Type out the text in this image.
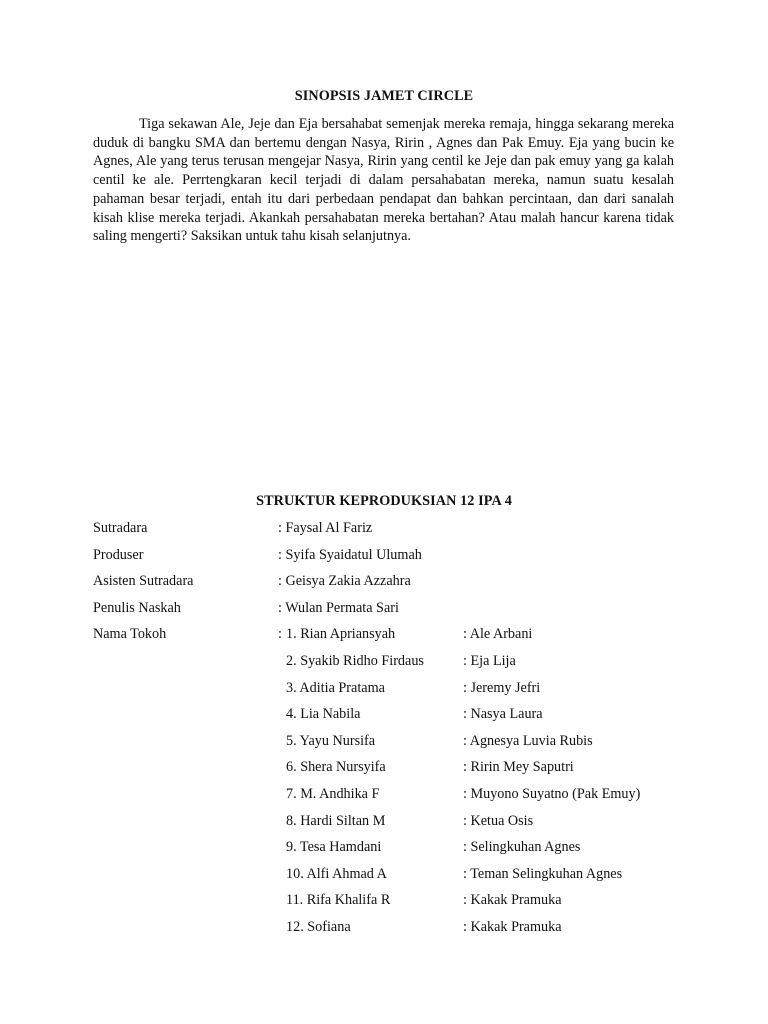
SINOPSIS JAMET CIRCLE

Tiga sekawan Ale, Jeje dan Eja bersahabat semenjak mereka remaja, hingga sekarang mereka duduk di bangku SMA dan bertemu dengan Nasya, Ririn , Agnes dan Pak Emuy. Eja yang bucin ke Agnes, Ale yang terus terusan mengejar Nasya, Ririn yang centil ke Jeje dan pak emuy yang ga kalah centil ke ale. Perrtengkaran kecil terjadi di dalam persahabatan mereka, namun suatu kesalah pahaman besar terjadi, entah itu dari perbedaan pendapat dan bahkan percintaan, dan dari sanalah kisah klise mereka terjadi. Akankah persahabatan mereka bertahan? Atau malah hancur karena tidak saling mengerti? Saksikan untuk tahu kisah selanjutnya.

STRUKTUR KEPRODUKSIAN 12 IPA 4
Sutradara	: Faysal Al Fariz
Produser	: Syifa Syaidatul Ulumah
Asisten Sutradara	: Geisya Zakia Azzahra
Penulis Naskah	: Wulan Permata Sari
Nama Tokoh	: 1. Rian Apriansyah	: Ale Arbani
2. Syakib Ridho Firdaus	: Eja Lija
3. Aditia Pratama	: Jeremy Jefri
4. Lia Nabila	: Nasya Laura
5. Yayu Nursifa	: Agnesya Luvia Rubis
6. Shera Nursyifa	: Ririn Mey Saputri
7. M. Andhika F	: Muyono Suyatno (Pak Emuy)
8. Hardi Siltan M	: Ketua Osis
9. Tesa Hamdani	: Selingkuhan Agnes
10. Alfi Ahmad A	: Teman Selingkuhan Agnes
11. Rifa Khalifa R	: Kakak Pramuka
12. Sofiana	: Kakak Pramuka
